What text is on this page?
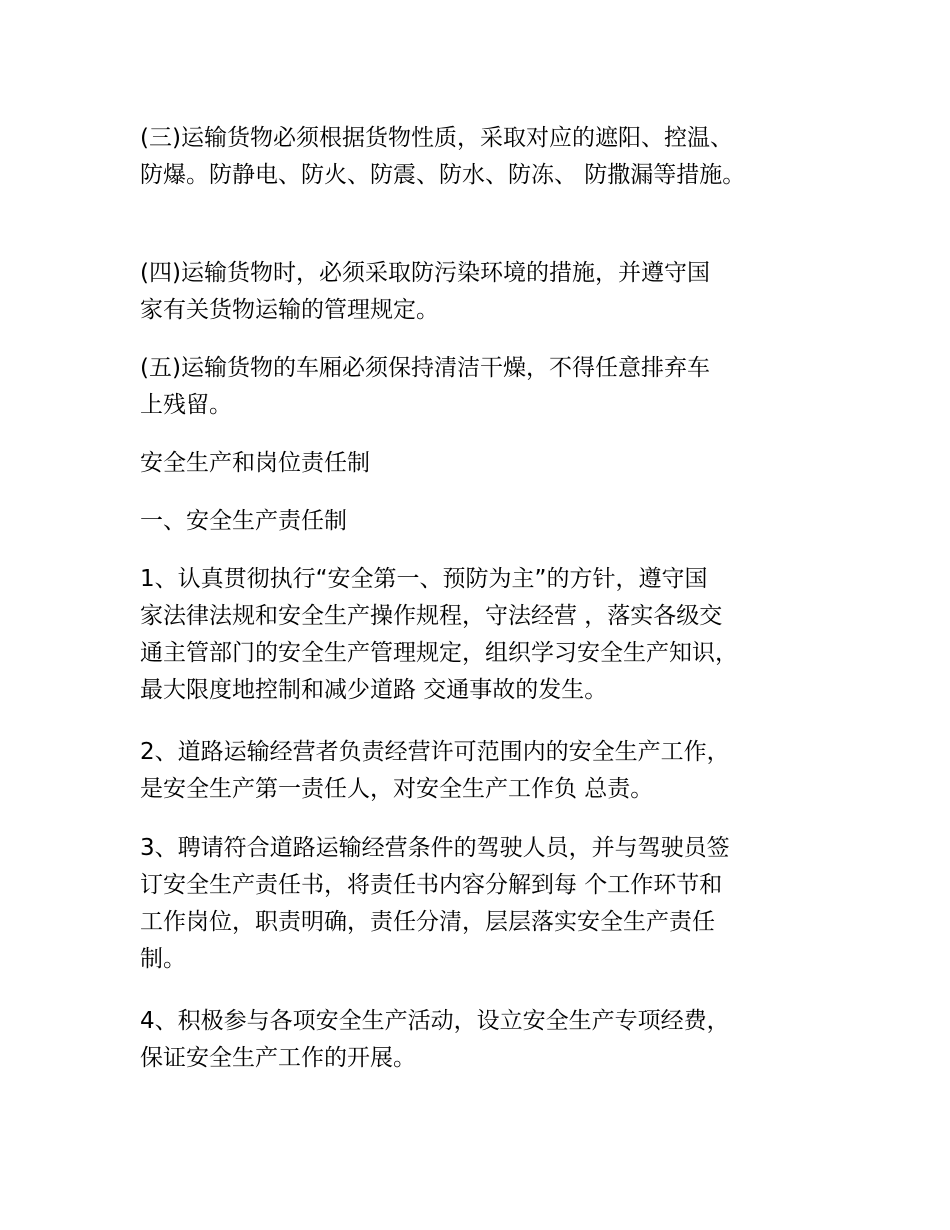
(三)运输货物必须根据货物性质，采取对应的遮阳、控温、
防爆。防静电、防火、防震、防水、防冻、 防撒漏等措施。
(四)运输货物时，必须采取防污染环境的措施，并遵守国
家有关货物运输的管理规定。
(五)运输货物的车厢必须保持清洁干燥，不得任意排弃车
上残留。
安全生产和岗位责任制
一、安全生产责任制
1、认真贯彻执行“安全第一、预防为主”的方针，遵守国
家法律法规和安全生产操作规程，守法经营 ，落实各级交
通主管部门的安全生产管理规定，组织学习安全生产知识，
最大限度地控制和减少道路 交通事故的发生。
2、道路运输经营者负责经营许可范围内的安全生产工作，
是安全生产第一责任人，对安全生产工作负 总责。
3、聘请符合道路运输经营条件的驾驶人员，并与驾驶员签
订安全生产责任书，将责任书内容分解到每 个工作环节和
工作岗位，职责明确，责任分清，层层落实安全生产责任
制。
4、积极参与各项安全生产活动，设立安全生产专项经费，
保证安全生产工作的开展。
